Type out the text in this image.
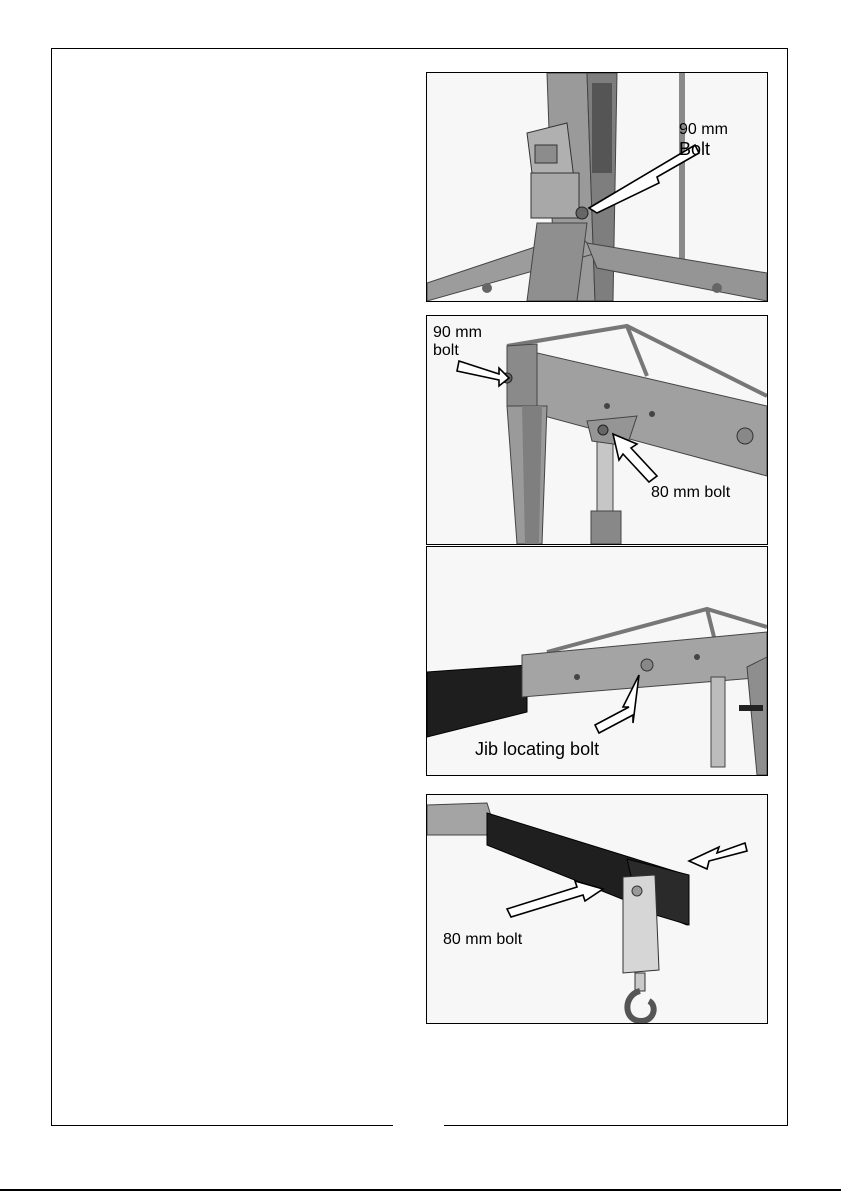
90 mm
Bolt
90 mm
bolt
80 mm bolt
Jib locating bolt
80 mm bolt
